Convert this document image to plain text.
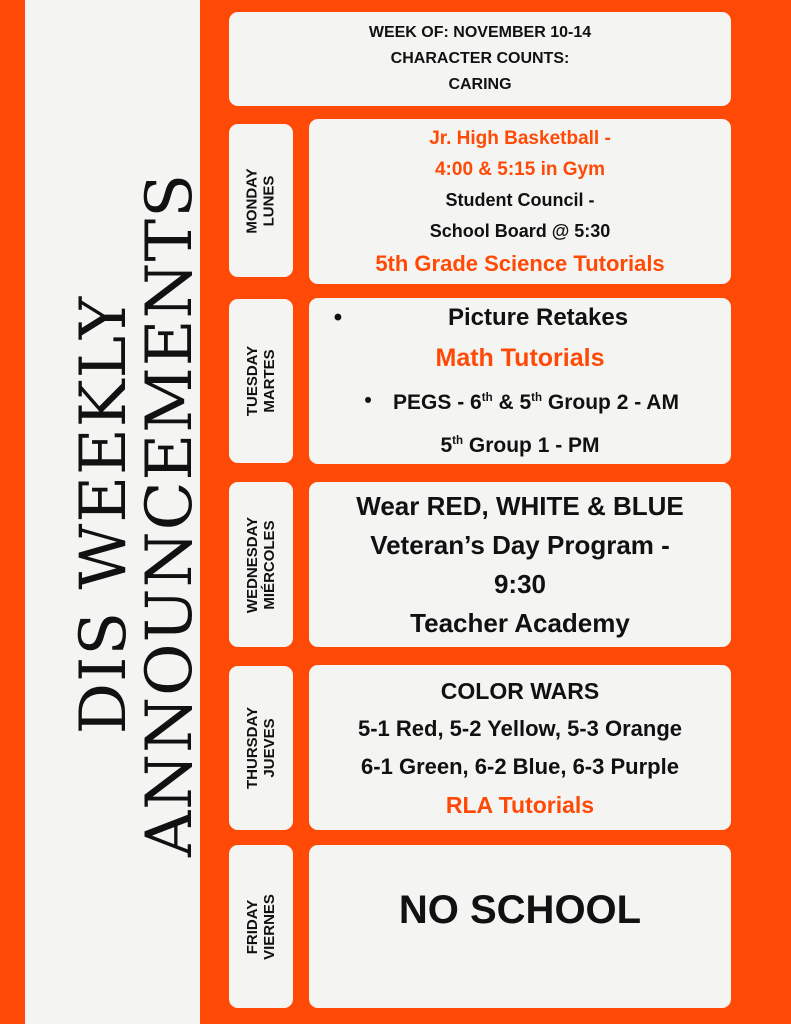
DIS WEEKLY
ANNOUNCEMENTS
WEEK OF: NOVEMBER 10-14
CHARACTER COUNTS:
CARING
MONDAY LUNES
Jr. High Basketball -
4:00 & 5:15 in Gym
Student Council -
School Board @ 5:30
5th Grade Science Tutorials
TUESDAY MARTES
•	Picture Retakes
Math Tutorials
• PEGS - 6th & 5th Group 2 - AM
5th Group 1 - PM
WEDNESDAY MIÉRCOLES
Wear RED, WHITE & BLUE
Veteran’s Day Program -
9:30
Teacher Academy
THURSDAY JUEVES
COLOR WARS
5-1 Red, 5-2 Yellow, 5-3 Orange
6-1 Green, 6-2 Blue, 6-3 Purple
RLA Tutorials
FRIDAY VIERNES	NO SCHOOL
